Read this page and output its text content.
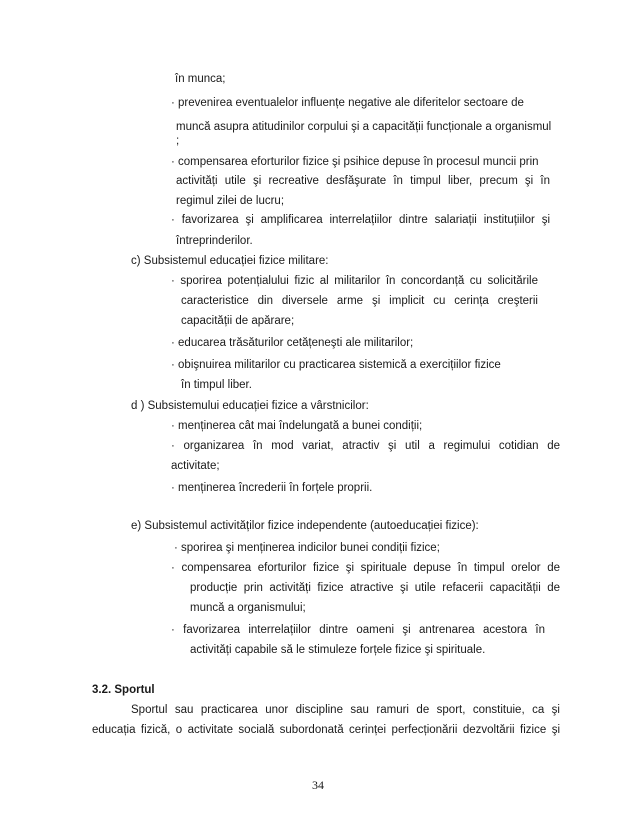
în munca;
· prevenirea eventualelor influențe negative ale diferitelor sectoare de
muncă asupra atitudinilor corpului şi a capacității funcționale a organismul
;
· compensarea eforturilor fizice şi psihice depuse în procesul muncii prin
activități utile şi recreative desfăşurate în timpul liber, precum şi în
regimul zilei de lucru;
· favorizarea şi amplificarea interrelațiilor dintre salariații instituțiilor şi
întreprinderilor.
c) Subsistemul educației fizice militare:
· sporirea potențialului fizic al militarilor în concordanță cu solicitările
caracteristice din diversele arme şi implicit cu cerința creşterii
capacității de apărare;
· educarea trăsăturilor cetățeneşti ale militarilor;
· obişnuirea militarilor cu practicarea sistemică a exercițiilor fizice
în timpul liber.
d ) Subsistemului educației fizice a vârstnicilor:
· menținerea cât mai îndelungată a bunei condiții;
· organizarea în mod variat, atractiv şi util a regimului cotidian de
activitate;
· menținerea încrederii în forțele proprii.
e) Subsistemul activităților fizice independente (autoeducației fizice):
· sporirea şi menținerea indicilor bunei condiții fizice;
· compensarea eforturilor fizice şi spirituale depuse în timpul orelor de
producție prin activități fizice atractive şi utile refacerii capacității de
muncă a organismului;
· favorizarea interrelațiilor dintre oameni şi antrenarea acestora în
activități capabile să le stimuleze forțele fizice şi spirituale.
3.2. Sportul
Sportul sau practicarea unor discipline sau ramuri de sport, constituie, ca şi
educația fizică, o activitate socială subordonată cerinței perfecționării dezvoltării fizice şi
34
